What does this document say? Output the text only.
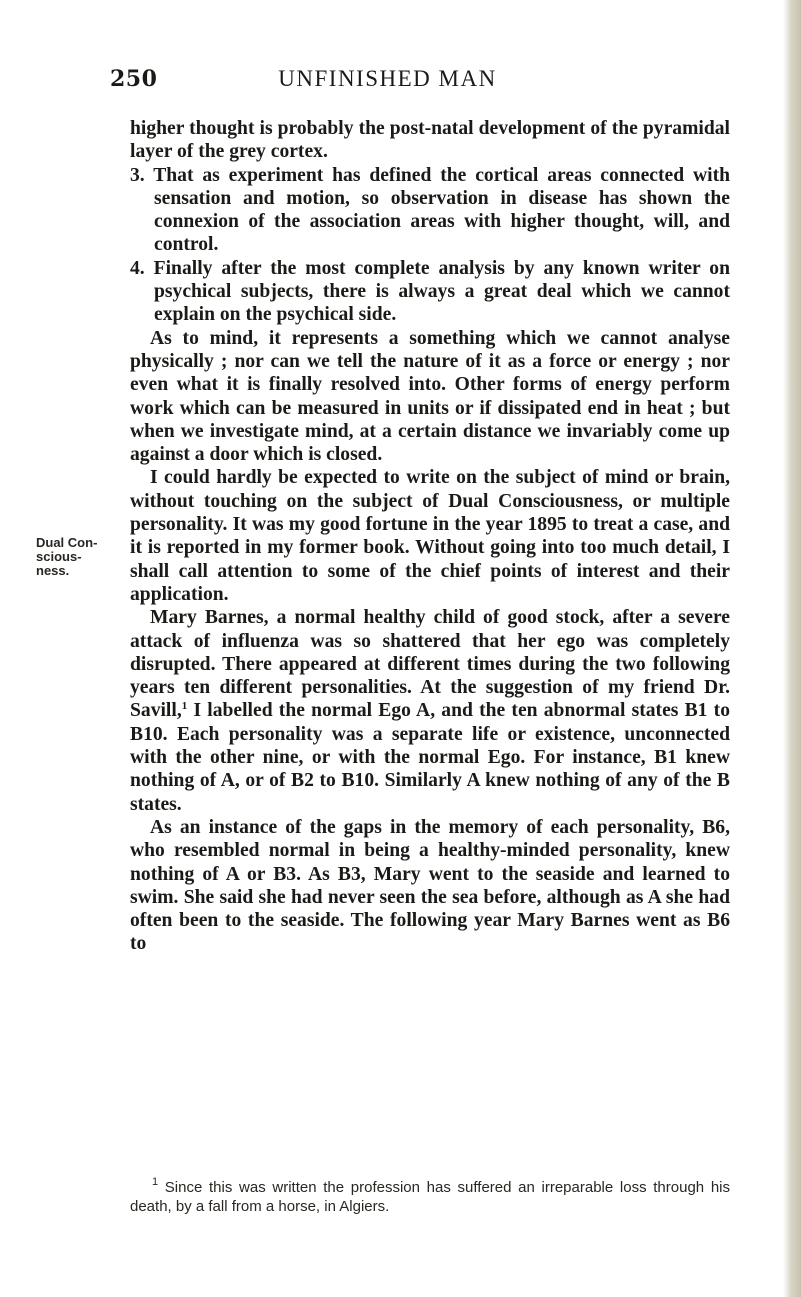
250	UNFINISHED MAN
Dual Consciousness.

higher thought is probably the post-natal development of the pyramidal layer of the grey cortex.

3. That as experiment has defined the cortical areas connected with sensation and motion, so observation in disease has shown the connexion of the association areas with higher thought, will, and control.

4. Finally after the most complete analysis by any known writer on psychical subjects, there is always a great deal which we cannot explain on the psychical side.

As to mind, it represents a something which we cannot analyse physically ; nor can we tell the nature of it as a force or energy ; nor even what it is finally resolved into. Other forms of energy perform work which can be measured in units or if dissipated end in heat ; but when we investigate mind, at a certain distance we invariably come up against a door which is closed.

I could hardly be expected to write on the subject of mind or brain, without touching on the subject of Dual Consciousness, or multiple personality. It was my good fortune in the year 1895 to treat a case, and it is reported in my former book. Without going into too much detail, I shall call attention to some of the chief points of interest and their application.

Mary Barnes, a normal healthy child of good stock, after a severe attack of influenza was so shattered that her ego was completely disrupted. There appeared at different times during the two following years ten different personalities. At the suggestion of my friend Dr. Savill,$^1$ I labelled the normal Ego A, and the ten abnormal states B1 to B10. Each personality was a separate life or existence, unconnected with the other nine, or with the normal Ego. For instance, B1 knew nothing of A, or of B2 to B10. Similarly A knew nothing of any of the B states.

As an instance of the gaps in the memory of each personality, B6, who resembled normal in being a healthy-minded personality, knew nothing of A or B3. As B3, Mary went to the seaside and learned to swim. She said she had never seen the sea before, although as A she had often been to the seaside. The following year Mary Barnes went as B6 to

$^1$ Since this was written the profession has suffered an irreparable loss through his death, by a fall from a horse, in Algiers.
